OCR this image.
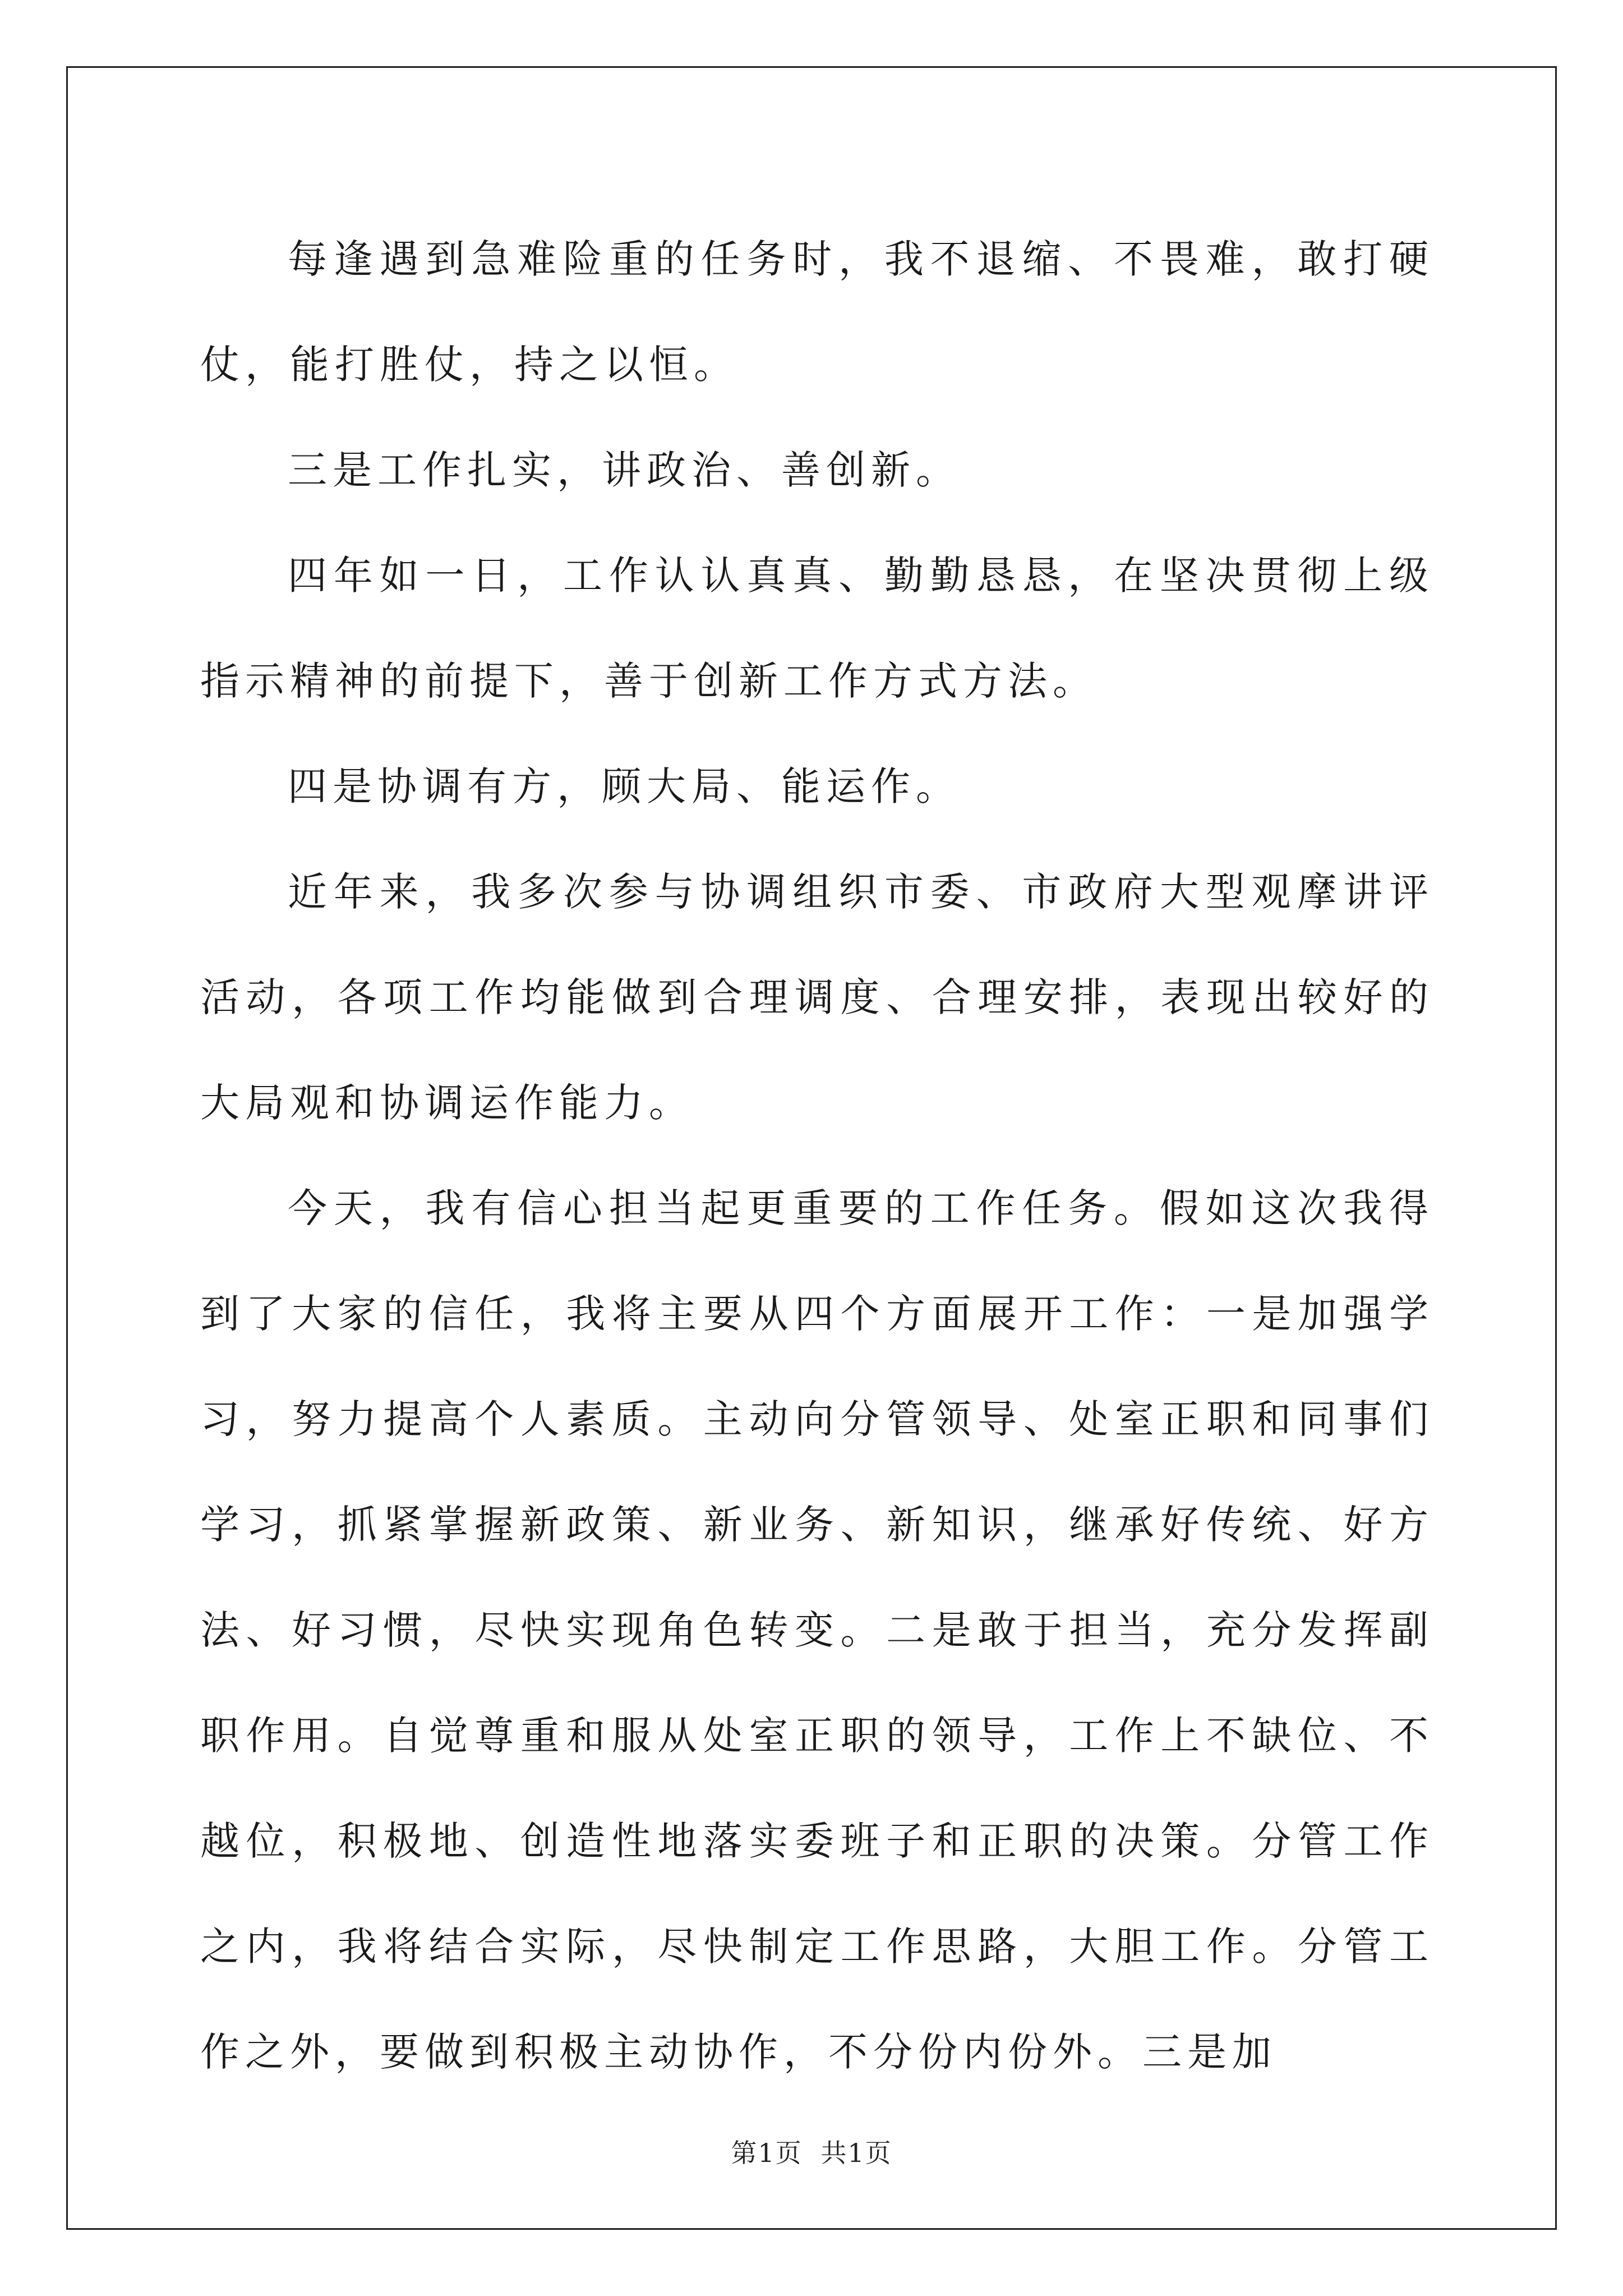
每逢遇到急难险重的任务时，我不退缩、不畏难，敢打硬仗，能打胜仗，持之以恒。

三是工作扎实，讲政治、善创新。

四年如一日，工作认认真真、勤勤恳恳，在坚决贯彻上级指示精神的前提下，善于创新工作方式方法。

四是协调有方，顾大局、能运作。

近年来，我多次参与协调组织市委、市政府大型观摩讲评活动，各项工作均能做到合理调度、合理安排，表现出较好的大局观和协调运作能力。

今天，我有信心担当起更重要的工作任务。假如这次我得到了大家的信任，我将主要从四个方面展开工作：一是加强学习，努力提高个人素质。主动向分管领导、处室正职和同事们学习，抓紧掌握新政策、新业务、新知识，继承好传统、好方法、好习惯，尽快实现角色转变。二是敢于担当，充分发挥副职作用。自觉尊重和服从处室正职的领导，工作上不缺位、不越位，积极地、创造性地落实委班子和正职的决策。分管工作之内，我将结合实际，尽快制定工作思路，大胆工作。分管工作之外，要做到积极主动协作，不分份内份外。三是加

第1页 共1页
